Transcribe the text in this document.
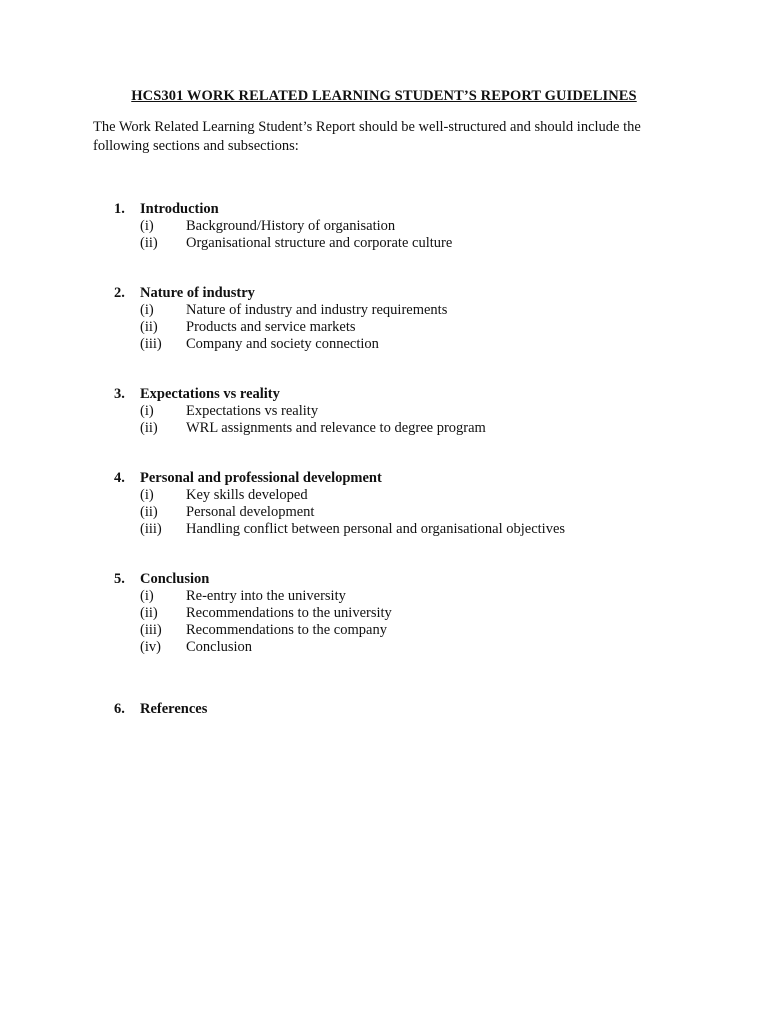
HCS301 WORK RELATED LEARNING STUDENT’S REPORT GUIDELINES
The Work Related Learning Student’s Report should be well-structured and should include the following sections and subsections:
1.	Introduction
(i)	Background/History of organisation
(ii)	Organisational structure and corporate culture
2.	Nature of industry
(i)	Nature of industry and industry requirements
(ii)	Products and service markets
(iii)	Company and society connection
3.	Expectations vs reality
(i)	Expectations vs reality
(ii)	WRL assignments and relevance to degree program
4.	Personal and professional development
(i)	Key skills developed
(ii)	Personal development
(iii)	Handling conflict between personal and organisational objectives
5.	Conclusion
(i)	Re-entry into the university
(ii)	Recommendations to the university
(iii)	Recommendations to the company
(iv)	Conclusion
6.	References
